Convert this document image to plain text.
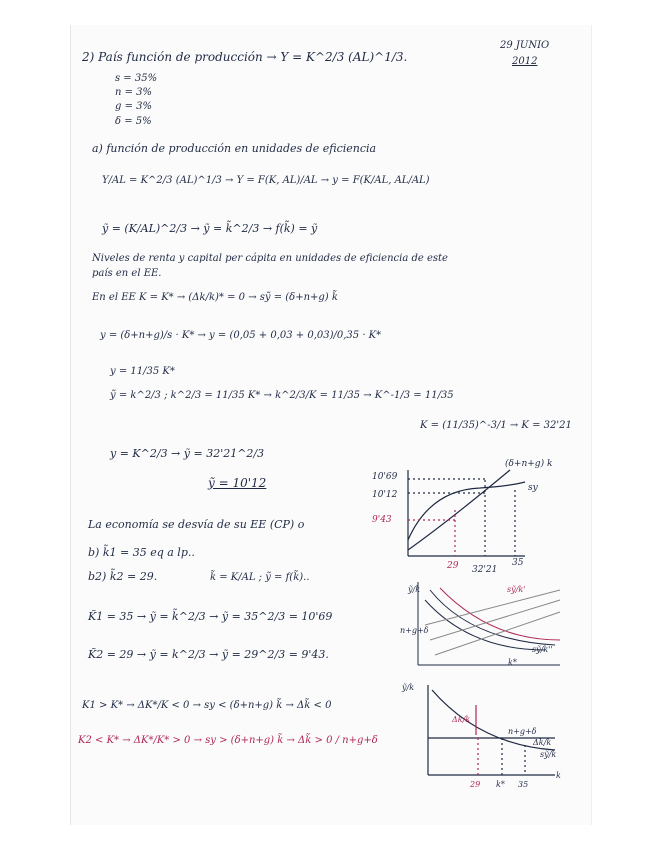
2) País función de producción → Y = K^2/3 (AL)^1/3.
29 JUNIO
2012
s = 35%
n = 3%
g = 3%
δ = 5%
a) función de producción en unidades de eficiencia
Y/AL = K^2/3 (AL)^1/3 → Y = F(K, AL)/AL → y = F(K/AL, AL/AL)
ỹ = (K/AL)^2/3 → ỹ = k̃^2/3 → f(k̃) = ỹ
Niveles de renta y capital per cápita en unidades de eficiencia de este
país en el EE.
En el EE K = K* → (Δk/k)* = 0 → sỹ = (δ+n+g) k̃
y = (δ+n+g)/s · K* → y = (0,05 + 0,03 + 0,03)/0,35 · K*
y = 11/35 K*
ỹ = k^2/3 ; k^2/3 = 11/35 K* → k^2/3/K = 11/35 → K^-1/3 = 11/35
K = (11/35)^-3/1 → K = 32'21
y = K^2/3 → ỹ = 32'21^2/3
ỹ = 10'12
La economía se desvía de su EE (CP) o
b) k̃1 = 35 eq a lp..
b2) k̃2 = 29.	k̃ = K/AL ; ỹ = f(k̃)..
K̃1 = 35 → ỹ = k̃^2/3 → ỹ = 35^2/3 = 10'69
K̃2 = 29 → ỹ = k^2/3 → ỹ = 29^2/3 = 9'43.
K1 > K* → ΔK*/K < 0 → sy < (δ+n+g) k̃ → Δk̃ < 0
K2 < K* → ΔK*/K* > 0 → sy > (δ+n+g) k̃ → Δk̃ > 0 / n+g+δ
10'69
10'12
9'43
29 32'21
35
(δ+n+g) k
sy
ỹ/k	sỹ/k'
n+g+δ
k*
sỹ/k''
ỹ/k
Δk/k
Δk/k
sỹ/k
n+g+δ
29 k* 35
k
